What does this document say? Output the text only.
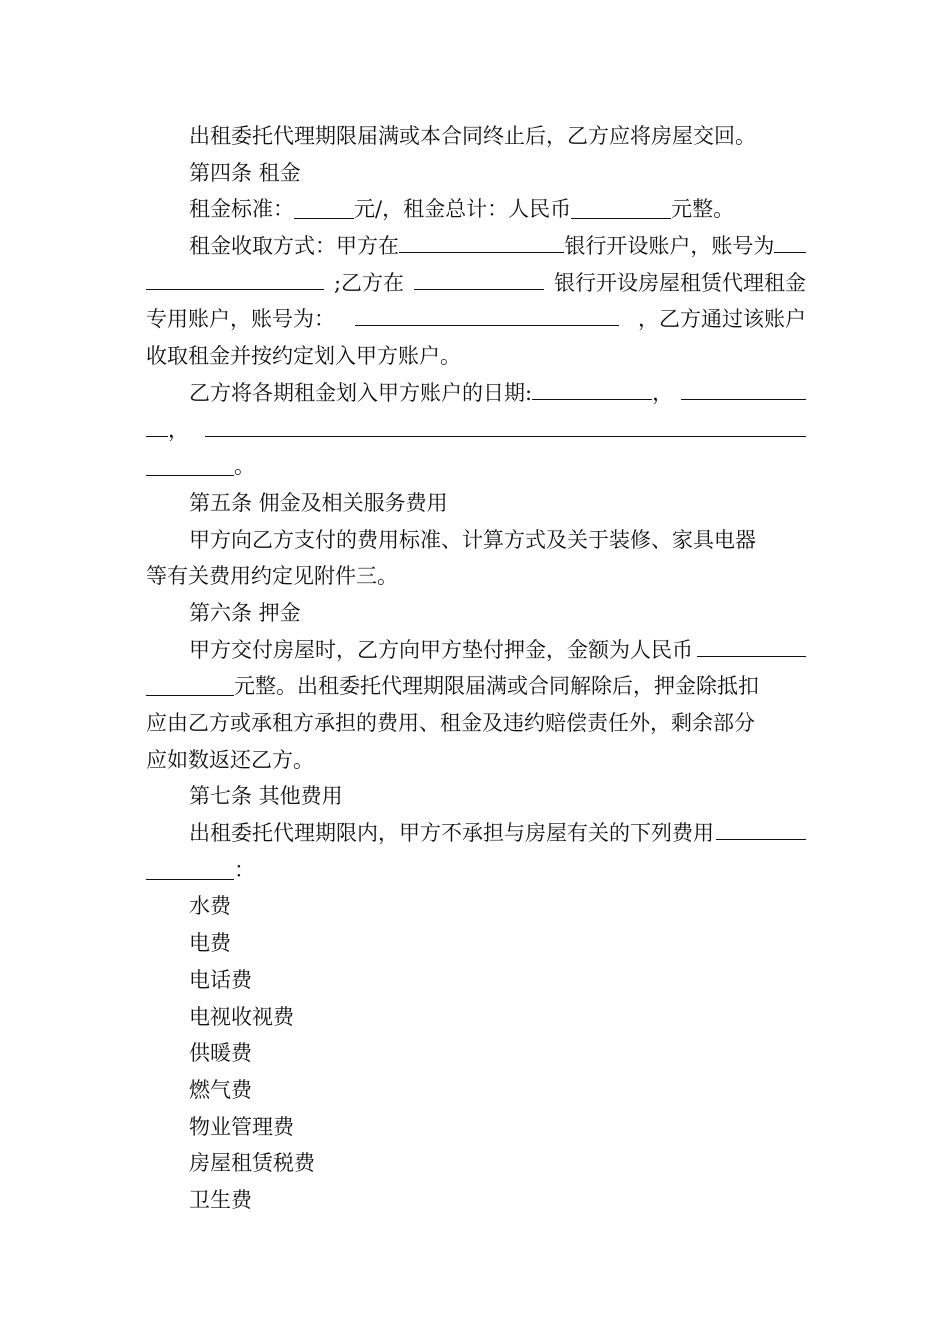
出租委托代理期限届满或本合同终止后，乙方应将房屋交回。
第四条 租金
租金标准：	元/，租金总计：人民币	元整。
租金收取方式：甲方在	银行开设账户，账号为
;乙方在	银行开设房屋租赁代理租金
专用账户，账号为：	，乙方通过该账户
收取租金并按约定划入甲方账户。
乙方将各期租金划入甲方账户的日期:	，
，
。
第五条 佣金及相关服务费用
甲方向乙方支付的费用标准、计算方式及关于装修、家具电器
等有关费用约定见附件三。
第六条 押金
甲方交付房屋时，乙方向甲方垫付押金，金额为人民币
元整。出租委托代理期限届满或合同解除后，押金除抵扣
应由乙方或承租方承担的费用、租金及违约赔偿责任外，剩余部分
应如数返还乙方。
第七条 其他费用
出租委托代理期限内，甲方不承担与房屋有关的下列费用
：
水费
电费
电话费
电视收视费
供暖费
燃气费
物业管理费
房屋租赁税费
卫生费
